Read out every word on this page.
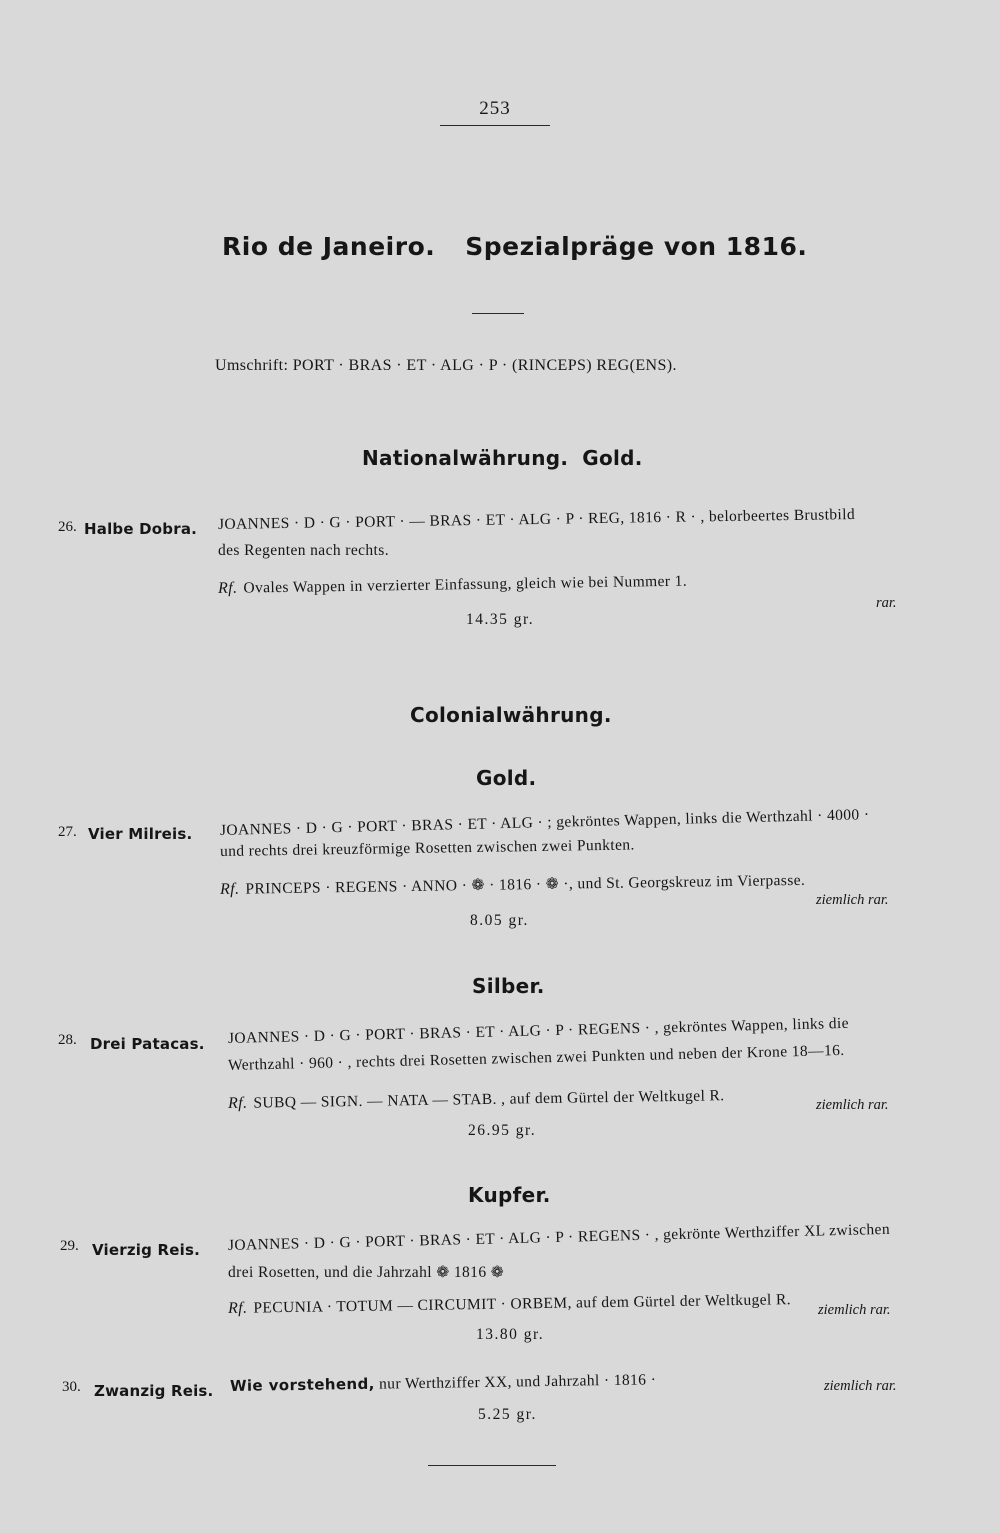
253
Rio de Janeiro. Spezialpräge von 1816.
Umschrift: PORT · BRAS · ET · ALG · P · (RINCEPS) REG(ENS).
Nationalwährung. Gold.
26. Halbe Dobra. JOANNES · D · G · PORT · — BRAS · ET · ALG · P · REG, 1816 · R · , belorbeertes Brustbild
des Regenten nach rechts.
Rf. Ovales Wappen in verzierter Einfassung, gleich wie bei Nummer 1.
rar.
14.35 gr.
Colonialwährung.
Gold.
27. Vier Milreis. JOANNES · D · G · PORT · BRAS · ET · ALG · ; gekröntes Wappen, links die Werthzahl · 4000 ·
und rechts drei kreuzförmige Rosetten zwischen zwei Punkten.
Rf. PRINCEPS · REGENS · ANNO · ❁ · 1816 · ❁ ·, und St. Georgskreuz im Vierpasse.
ziemlich rar.
8.05 gr.
Silber.
28. Drei Patacas. JOANNES · D · G · PORT · BRAS · ET · ALG · P · REGENS · , gekröntes Wappen, links die
Werthzahl · 960 · , rechts drei Rosetten zwischen zwei Punkten und neben der Krone 18—16.
Rf. SUBQ — SIGN. — NATA — STAB. , auf dem Gürtel der Weltkugel R.	ziemlich rar.
26.95 gr.
Kupfer.
29. Vierzig Reis. JOANNES · D · G · PORT · BRAS · ET · ALG · P · REGENS · , gekrönte Werthziffer XL zwischen
drei Rosetten, und die Jahrzahl ❁ 1816 ❁
Rf. PECUNIA · TOTUM — CIRCUMIT · ORBEM, auf dem Gürtel der Weltkugel R. ziemlich rar.
13.80 gr.
30. Zwanzig Reis. Wie vorstehend, nur Werthziffer XX, und Jahrzahl · 1816 ·	ziemlich rar.
5.25 gr.
